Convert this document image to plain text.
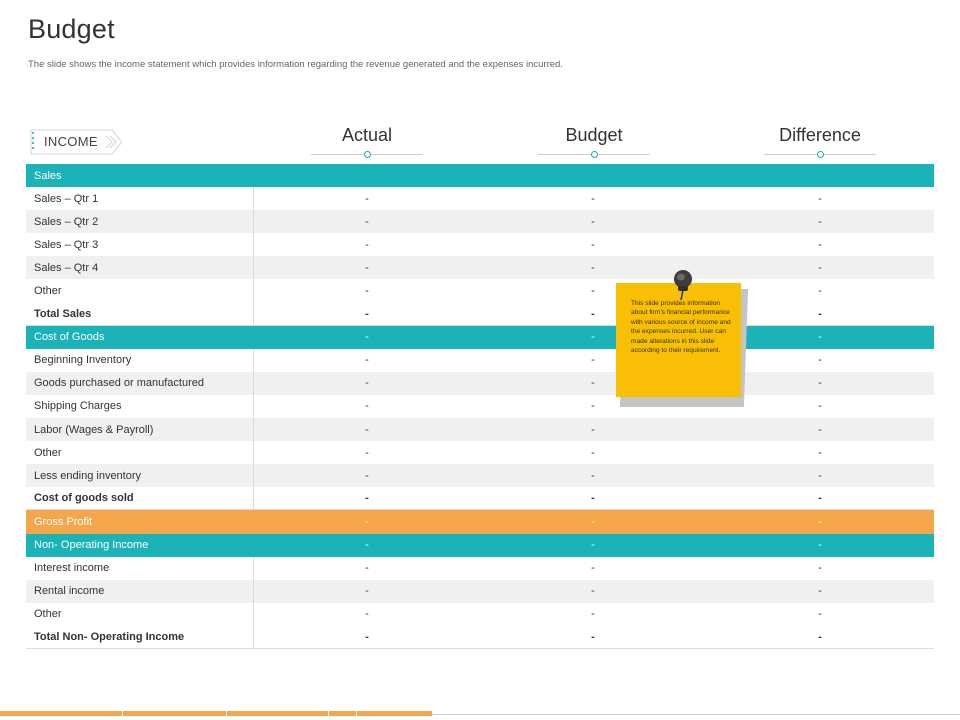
Budget
The slide shows the income statement which provides information regarding the revenue generated and the expenses incurred.
INCOME	Actual	Budget	Difference
Sales
Sales – Qtr 1	-	-	-
Sales – Qtr 2	-	-	-
Sales – Qtr 3	-	-	-
Sales – Qtr 4	-	-	-
Other	-	-	-
Total Sales	-	-	-
Cost of Goods	-	-	-
Beginning Inventory	-	-	-
Goods purchased or manufactured	-	-	-
Shipping Charges	-	-	-
Labor (Wages & Payroll)	-	-	-
Other	-	-	-
Less ending inventory	-	-	-
Cost of goods sold	-	-	-
Gross Profit	-	-	-
Non- Operating Income	-	-	-
Interest income	-	-	-
Rental income	-	-	-
Other	-	-	-
Total Non- Operating Income	-	-	-
This slide provides information about firm’s financial performance with various source of income and the expenses incurred. User can made alterations in this slide according to their requirement.
